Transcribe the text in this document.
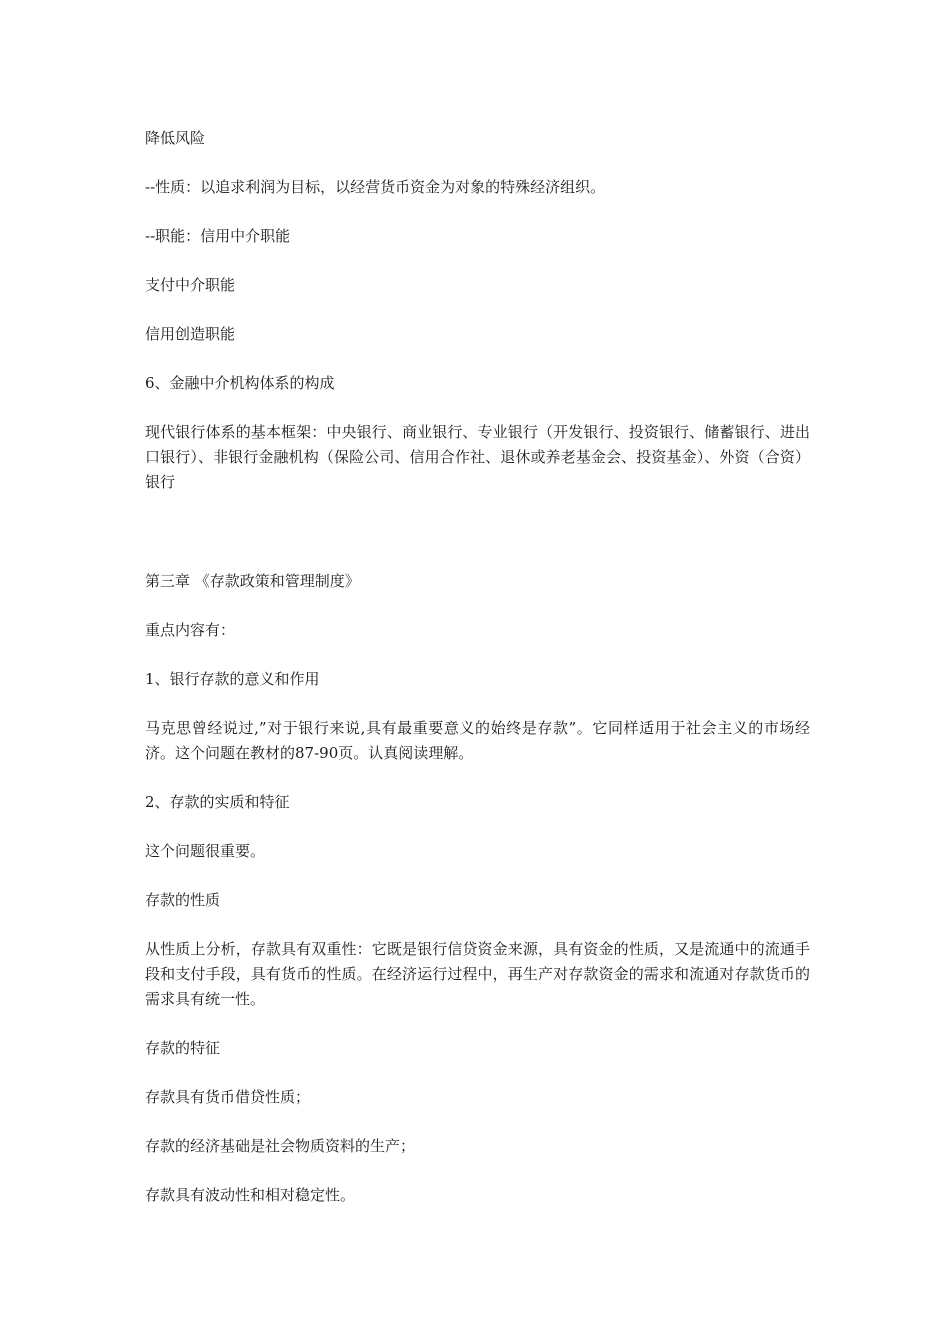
降低风险

--性质：以追求利润为目标，以经营货币资金为对象的特殊经济组织。

--职能：信用中介职能

支付中介职能

信用创造职能

6、金融中介机构体系的构成

现代银行体系的基本框架：中央银行、商业银行、专业银行（开发银行、投资银行、储蓄银行、进出口银行）、非银行金融机构（保险公司、信用合作社、退休或养老基金会、投资基金）、外资（合资）银行

第三章 《存款政策和管理制度》

重点内容有：

1、银行存款的意义和作用

马克思曾经说过,”对于银行来说,具有最重要意义的始终是存款”。它同样适用于社会主义的市场经济。这个问题在教材的87-90页。认真阅读理解。

2、存款的实质和特征

这个问题很重要。

存款的性质

从性质上分析，存款具有双重性：它既是银行信贷资金来源，具有资金的性质，又是流通中的流通手段和支付手段，具有货币的性质。在经济运行过程中，再生产对存款资金的需求和流通对存款货币的需求具有统一性。

存款的特征

存款具有货币借贷性质；

存款的经济基础是社会物质资料的生产；

存款具有波动性和相对稳定性。
